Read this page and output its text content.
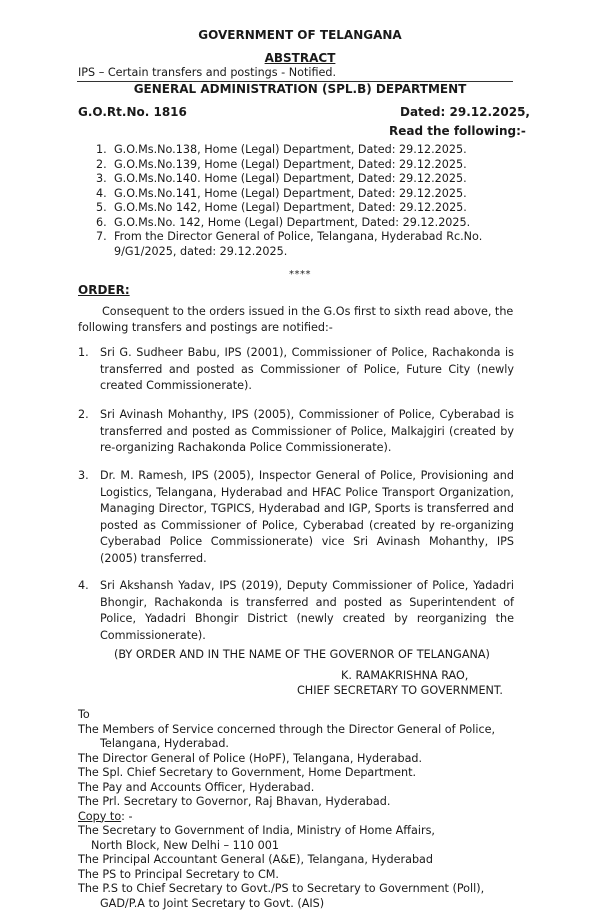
GOVERNMENT OF TELANGANA
ABSTRACT
IPS – Certain transfers and postings - Notified.
GENERAL ADMINISTRATION (SPL.B) DEPARTMENT
G.O.Rt.No. 1816	Dated: 29.12.2025,
Read the following:-
1. G.O.Ms.No.138, Home (Legal) Department, Dated: 29.12.2025.
2. G.O.Ms.No.139, Home (Legal) Department, Dated: 29.12.2025.
3. G.O.Ms.No.140. Home (Legal) Department, Dated: 29.12.2025.
4. G.O.Ms.No.141, Home (Legal) Department, Dated: 29.12.2025.
5. G.O.Ms.No 142, Home (Legal) Department, Dated: 29.12.2025.
6. G.O.Ms.No. 142, Home (Legal) Department, Dated: 29.12.2025.
7. From the Director General of Police, Telangana, Hyderabad Rc.No. 9/G1/2025, dated: 29.12.2025.
****
ORDER:
Consequent to the orders issued in the G.Os first to sixth read above, the following transfers and postings are notified:-
1.	Sri G. Sudheer Babu, IPS (2001), Commissioner of Police, Rachakonda is transferred and posted as Commissioner of Police, Future City (newly created Commissionerate).
2.	Sri Avinash Mohanthy, IPS (2005), Commissioner of Police, Cyberabad is transferred and posted as Commissioner of Police, Malkajgiri (created by re-organizing Rachakonda Police Commissionerate).
3.	Dr. M. Ramesh, IPS (2005), Inspector General of Police, Provisioning and Logistics, Telangana, Hyderabad and HFAC Police Transport Organization, Managing Director, TGPICS, Hyderabad and IGP, Sports is transferred and posted as Commissioner of Police, Cyberabad (created by re-organizing Cyberabad Police Commissionerate) vice Sri Avinash Mohanthy, IPS (2005) transferred.
4.	Sri Akshansh Yadav, IPS (2019), Deputy Commissioner of Police, Yadadri Bhongir, Rachakonda is transferred and posted as Superintendent of Police, Yadadri Bhongir District (newly created by reorganizing the Commissionerate).
(BY ORDER AND IN THE NAME OF THE GOVERNOR OF TELANGANA)
K. RAMAKRISHNA RAO,
CHIEF SECRETARY TO GOVERNMENT.
To
The Members of Service concerned through the Director General of Police,
Telangana, Hyderabad.
The Director General of Police (HoPF), Telangana, Hyderabad.
The Spl. Chief Secretary to Government, Home Department.
The Pay and Accounts Officer, Hyderabad.
The Prl. Secretary to Governor, Raj Bhavan, Hyderabad.
Copy to: -
The Secretary to Government of India, Ministry of Home Affairs,
North Block, New Delhi – 110 001
The Principal Accountant General (A&E), Telangana, Hyderabad
The PS to Principal Secretary to CM.
The P.S to Chief Secretary to Govt./PS to Secretary to Government (Poll),
GAD/P.A to Joint Secretary to Govt. (AIS)
